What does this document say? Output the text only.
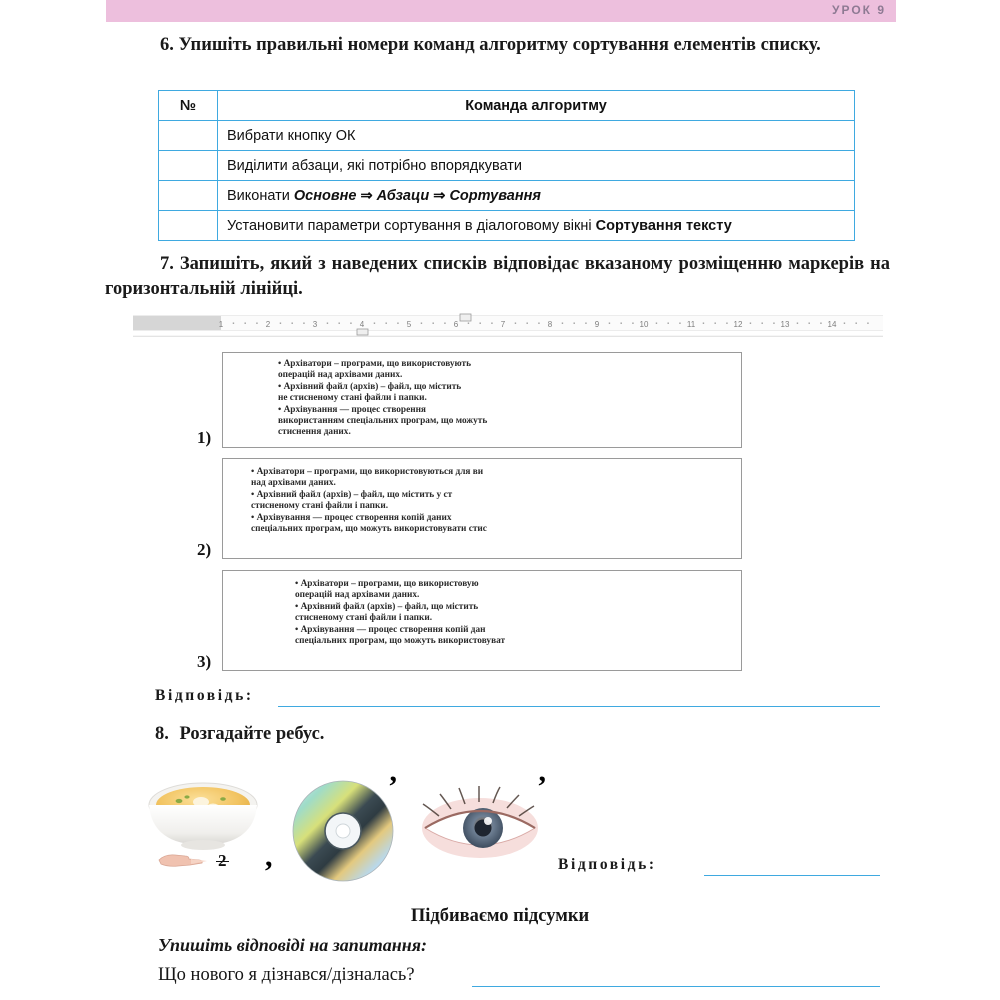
УРОК 9
6. Упишіть правильні номери команд алгоритму сортування елементів списку.
№	Команда алгоритму
	Вибрати кнопку ОК
	Виділити абзаци, які потрібно впорядкувати
	Виконати Основне ⇒ Абзаци ⇒ Сортування
	Установити параметри сортування в діалоговому вікні Сортування тексту
7. Запишіть, який з наведених списків відповідає вказаному розміщенню маркерів на горизонтальній лінійці.
1	2	3	4	5	6	7	8	9	10	11	12	13	14
1)
• Архіватори – програми, що використовують
операцій над архівами даних.
• Архівний файл (архів) – файл, що містить
не стисненому стані файли і папки.
• Архівування — процес створення
використанням спеціальних програм, що можуть
стиснення даних.
2)
• Архіватори – програми, що використовуються для ви
над архівами даних.
• Архівний файл (архів) – файл, що містить у ст
стисненому стані файли і папки.
• Архівування — процес створення копій даних
спеціальних програм, що можуть використовувати стис
3)
• Архіватори – програми, що використовую
операцій над архівами даних.
• Архівний файл (архів) – файл, що містить
стисненому стані файли і папки.
• Архівування — процес створення копій дан
спеціальних програм, що можуть використовуват
Відповідь:
8. Розгадайте ребус.
2 ,
’	’
Відповідь:
Підбиваємо підсумки
Упишіть відповіді на запитання:
Що нового я дізнався/дізналась?
